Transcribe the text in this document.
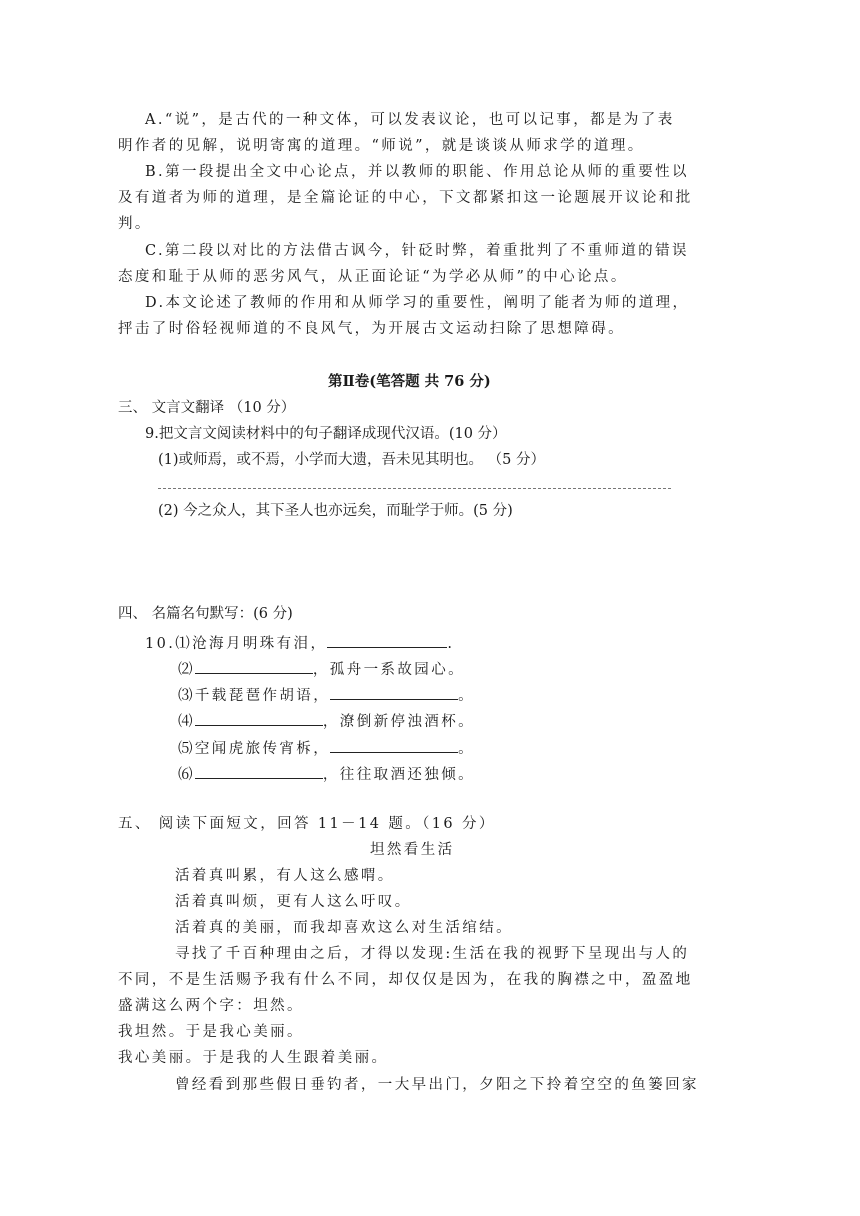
A.“说”，是古代的一种文体，可以发表议论，也可以记事，都是为了表
明作者的见解，说明寄寓的道理。“师说”，就是谈谈从师求学的道理。
B.第一段提出全文中心论点，并以教师的职能、作用总论从师的重要性以
及有道者为师的道理，是全篇论证的中心，下文都紧扣这一论题展开议论和批
判。
C.第二段以对比的方法借古讽今，针砭时弊，着重批判了不重师道的错误
态度和耻于从师的恶劣风气，从正面论证“为学必从师”的中心论点。
D.本文论述了教师的作用和从师学习的重要性，阐明了能者为师的道理，
抨击了时俗轻视师道的不良风气，为开展古文运动扫除了思想障碍。
第Ⅱ卷(笔答题 共 76 分)
三、 文言文翻译 （10 分）
9.把文言文阅读材料中的句子翻译成现代汉语。(10 分）
(1)或师焉，或不焉，小学而大遗，吾未见其明也。 （5 分）
(2) 今之众人，其下圣人也亦远矣，而耻学于师。(5 分)
四、 名篇名句默写：(6 分)
10.⑴沧海月明珠有泪，	.
⑵	，孤舟一系故园心。
⑶千载琵琶作胡语，	。
⑷	，潦倒新停浊酒杯。
⑸空闻虎旅传宵柝，	。
⑹	，往往取酒还独倾。
五、 阅读下面短文，回答 11－14 题。（16 分）
坦然看生活
活着真叫累，有人这么感喟。
活着真叫烦，更有人这么吁叹。
活着真的美丽，而我却喜欢这么对生活绾结。
寻找了千百种理由之后，才得以发现:生活在我的视野下呈现出与人的
不同，不是生活赐予我有什么不同，却仅仅是因为，在我的胸襟之中，盈盈地
盛满这么两个字：坦然。
我坦然。于是我心美丽。
我心美丽。于是我的人生跟着美丽。
曾经看到那些假日垂钓者，一大早出门，夕阳之下拎着空空的鱼篓回家
